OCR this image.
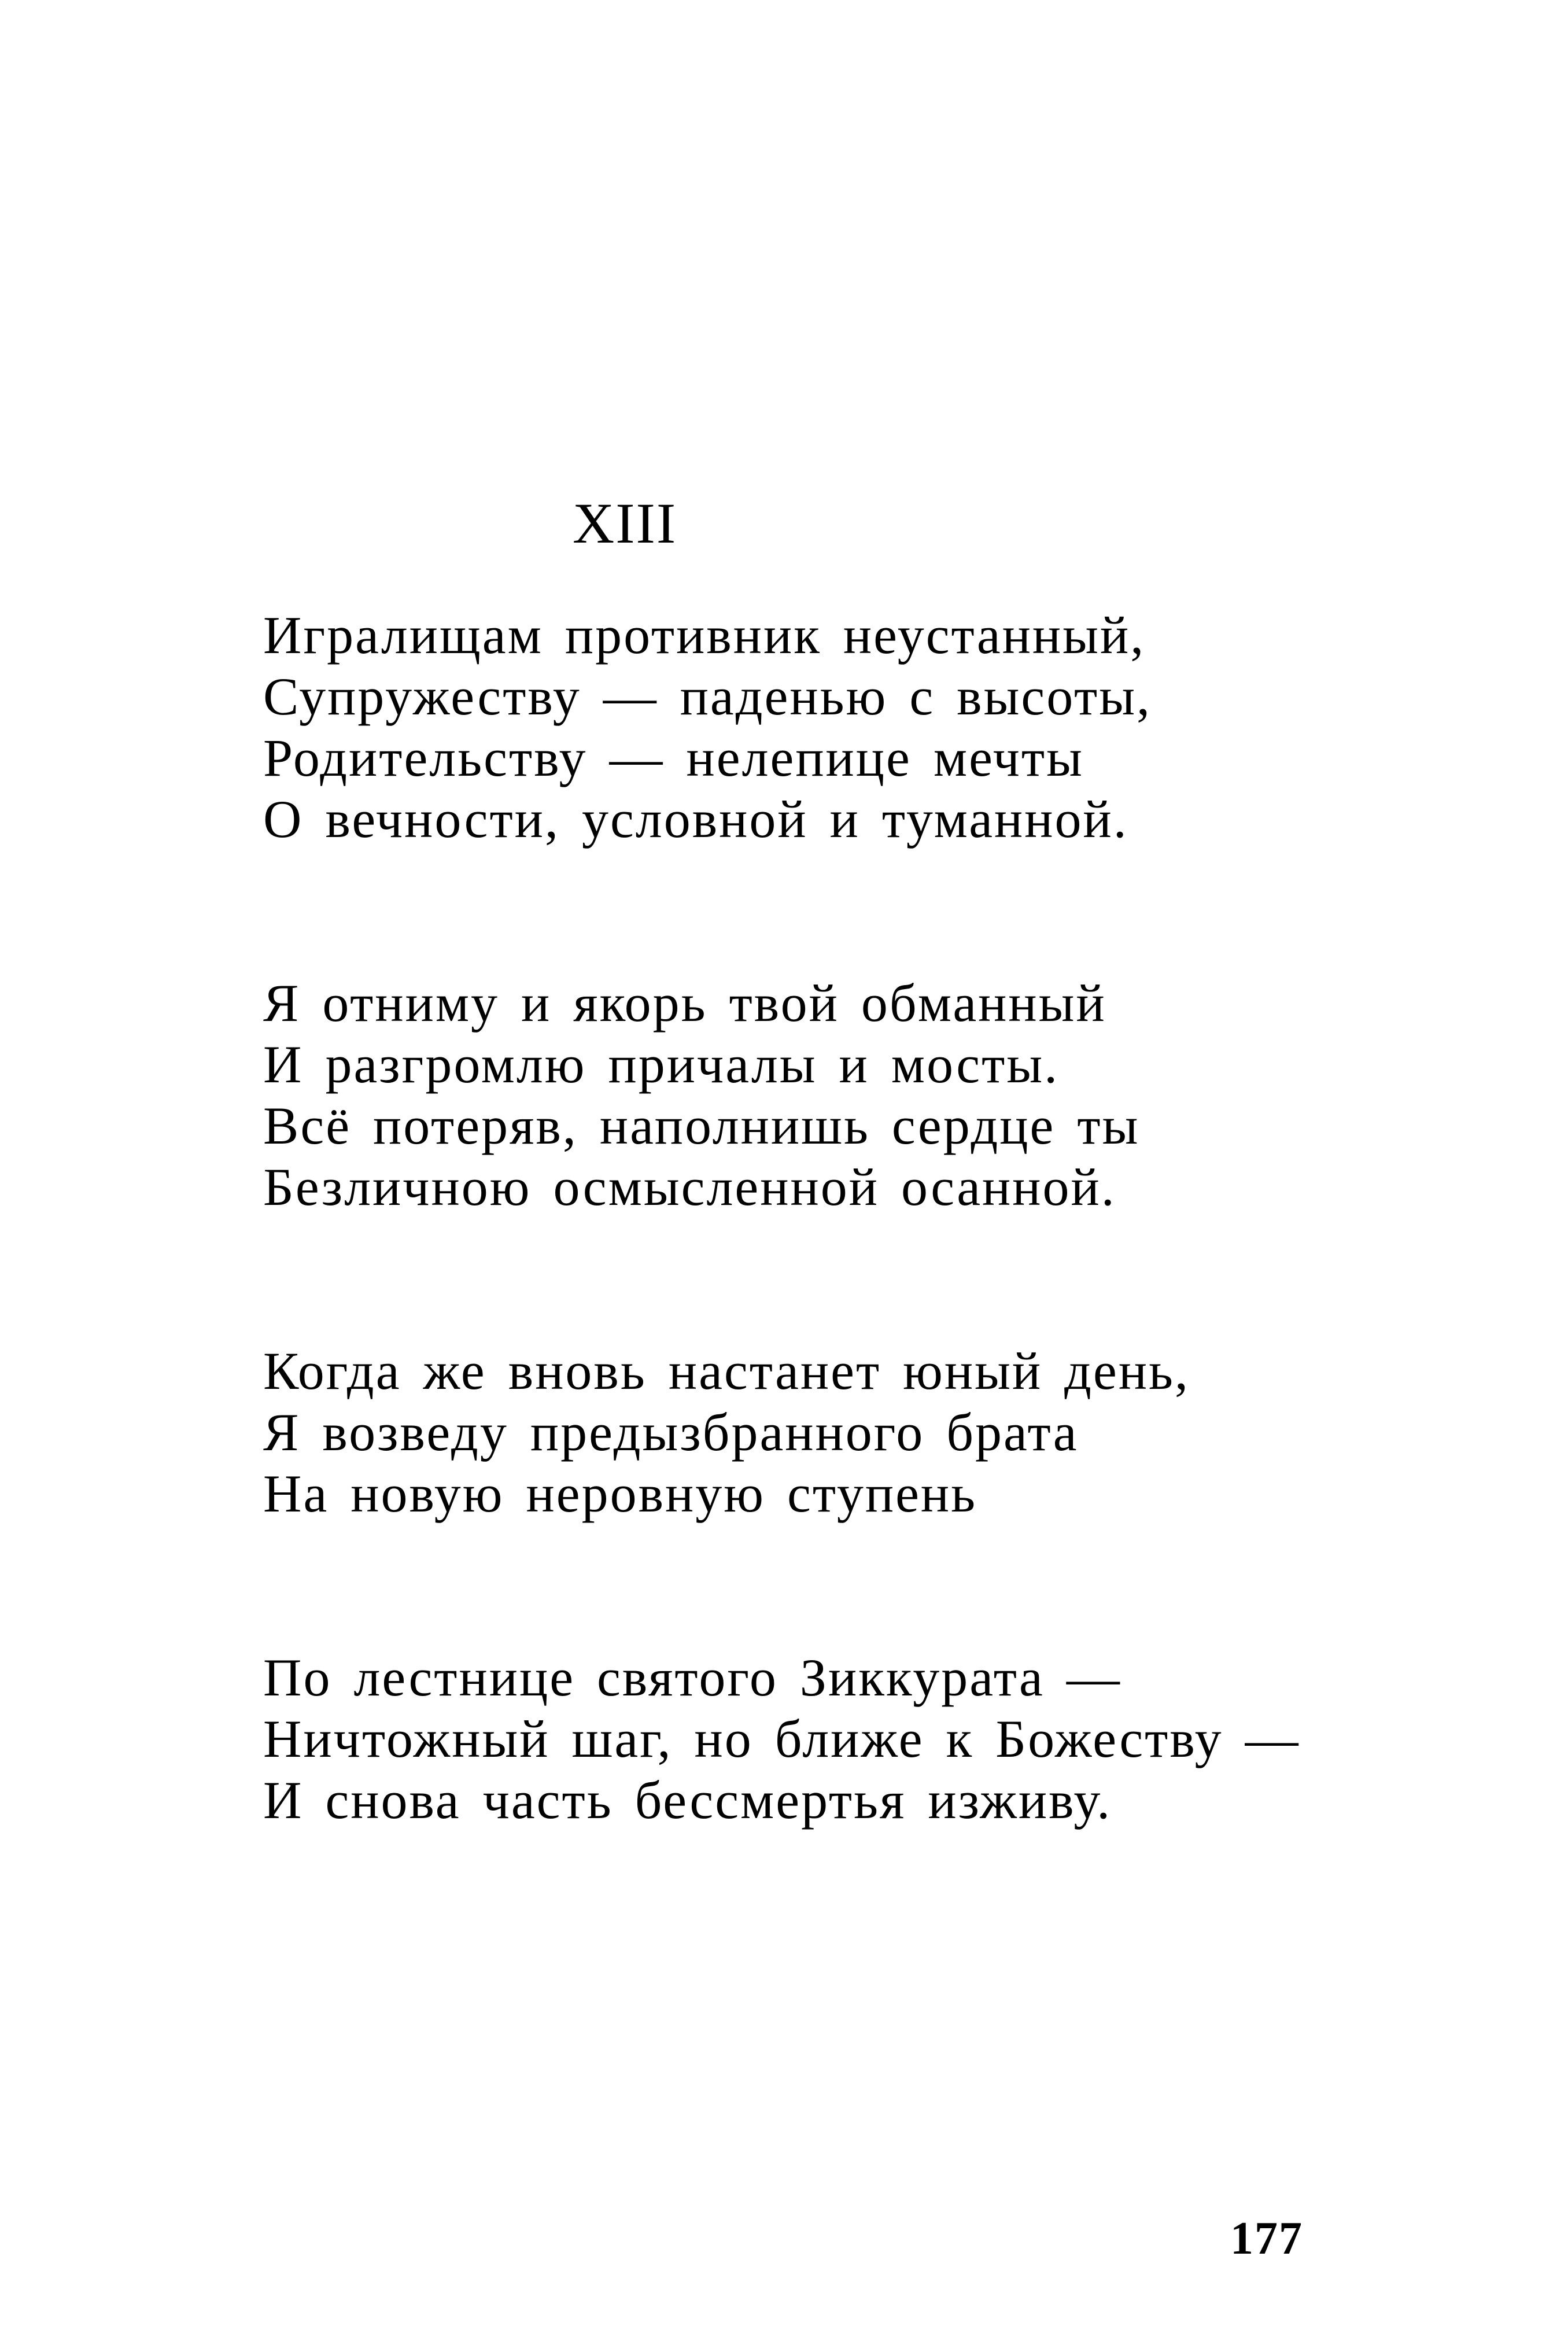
XIII
Игралищам противник неустанный,
Супружеству — паденью с высоты,
Родительству — нелепице мечты
О вечности, условной и туманной.
Я отниму и якорь твой обманный
И разгромлю причалы и мосты.
Всё потеряв, наполнишь сердце ты
Безличною осмысленной осанной.
Когда же вновь настанет юный день,
Я возведу предызбранного брата
На новую неровную ступень
По лестнице святого Зиккурата —
Ничтожный шаг, но ближе к Божеству —
И снова часть бессмертья изживу.
177
